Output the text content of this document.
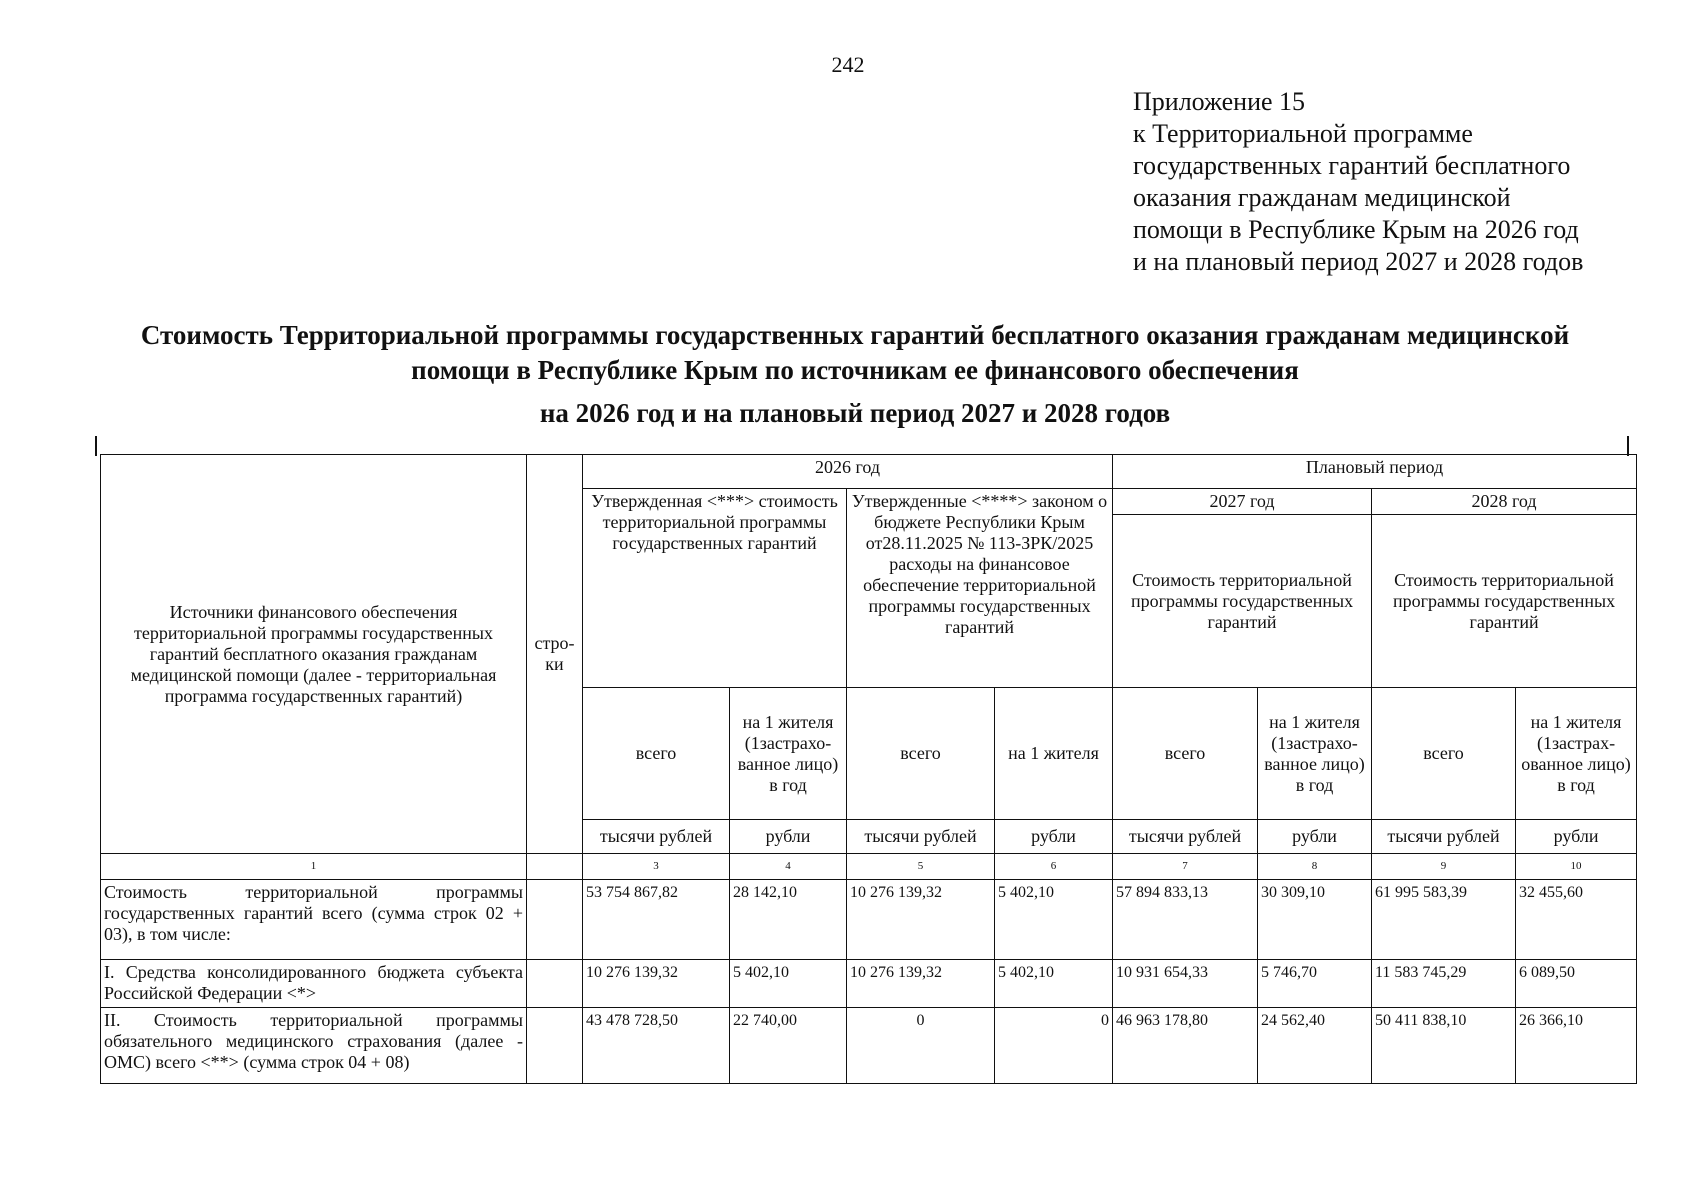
242
Приложение 15
к Территориальной программе
государственных гарантий бесплатного
оказания гражданам медицинской
помощи в Республике Крым на 2026 год
и на плановый период 2027 и 2028 годов
Стоимость Территориальной программы государственных гарантий бесплатного оказания гражданам медицинской
помощи в Республике Крым по источникам ее финансового обеспечения
на 2026 год и на плановый период 2027 и 2028 годов
Источники финансового обеспечения территориальной программы государственных гарантий бесплатного оказания гражданам медицинской помощи (далее - территориальная программа государственных гарантий)	стро-ки	2026 год				Плановый период			
		Утвержденная <***> стоимость территориальной программы государственных гарантий		Утвержденные <****> законом о бюджете Республики Крым от28.11.2025 № 113-ЗРК/2025 расходы на финансовое обеспечение территориальной программы государственных гарантий		2027 год		2028 год	
						Стоимость территориальной программы государственных гарантий		Стоимость территориальной программы государственных гарантий	
		всего	на 1 жителя (1застрахо-ванное лицо) в год	всего	на 1 жителя	всего	на 1 жителя (1застрахо-ванное лицо) в год	всего	на 1 жителя (1застрах-ованное лицо) в год
		тысячи рублей	рубли	тысячи рублей	рубли	тысячи рублей	рубли	тысячи рублей	рубли
1		3	4	5	6	7	8	9	10
Стоимость территориальной программы государственных гарантий всего (сумма строк 02 + 03), в том числе:		53 754 867,82	28 142,10	10 276 139,32	5 402,10	57 894 833,13	30 309,10	61 995 583,39	32 455,60
I. Средства консолидированного бюджета субъекта Российской Федерации <*>		10 276 139,32	5 402,10	10 276 139,32	5 402,10	10 931 654,33	5 746,70	11 583 745,29	6 089,50
II. Стоимость территориальной программы обязательного медицинского страхования (далее - ОМС) всего <**> (сумма строк 04 + 08)		43 478 728,50	22 740,00	0	0	46 963 178,80	24 562,40	50 411 838,10	26 366,10
